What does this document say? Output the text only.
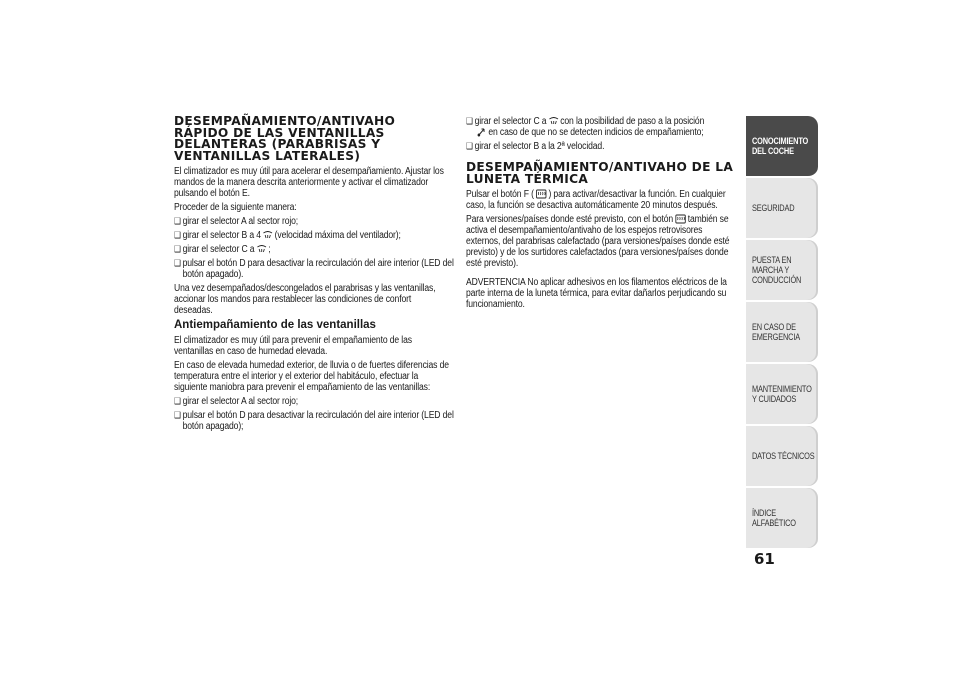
DESEMPAÑAMIENTO/ANTIVAHO RÁPIDO DE LAS VENTANILLAS DELANTERAS (PARABRISAS Y VENTANILLAS LATERALES)
El climatizador es muy útil para acelerar el desempañamiento. Ajustar los mandos de la manera descrita anteriormente y activar el climatizador pulsando el botón E.
Proceder de la siguiente manera:
❑ girar el selector A al sector rojo;
❑ girar el selector B a 4 (velocidad máxima del ventilador);
❑ girar el selector C a ;
❑ pulsar el botón D para desactivar la recirculación del aire interior (LED del botón apagado).
Una vez desempañados/descongelados el parabrisas y las ventanillas, accionar los mandos para restablecer las condiciones de confort deseadas.
Antiempañamiento de las ventanillas
El climatizador es muy útil para prevenir el empañamiento de las ventanillas en caso de humedad elevada.
En caso de elevada humedad exterior, de lluvia o de fuertes diferencias de temperatura entre el interior y el exterior del habitáculo, efectuar la siguiente maniobra para prevenir el empañamiento de las ventanillas:
❑ girar el selector A al sector rojo;
❑ pulsar el botón D para desactivar la recirculación del aire interior (LED del botón apagado);
❑ girar el selector C a con la posibilidad de paso a la posición
en caso de que no se detecten indicios de empañamiento;
❑ girar el selector B a la 2ª velocidad.
DESEMPAÑAMIENTO/ANTIVAHO DE LA LUNETA TÉRMICA
Pulsar el botón F ( ) para activar/desactivar la función. En cualquier caso, la función se desactiva automáticamente 20 minutos después.
Para versiones/países donde esté previsto, con el botón también se activa el desempañamiento/antivaho de los espejos retrovisores externos, del parabrisas calefactado (para versiones/países donde esté previsto) y de los surtidores calefactados (para versiones/países donde esté previsto).
ADVERTENCIA No aplicar adhesivos en los filamentos eléctricos de la parte interna de la luneta térmica, para evitar dañarlos perjudicando su funcionamiento.
CONOCIMIENTO DEL COCHE
SEGURIDAD
PUESTA EN MARCHA Y CONDUCCIÓN
EN CASO DE EMERGENCIA
MANTENIMIENTO Y CUIDADOS
DATOS TÉCNICOS
ÍNDICE ALFABÉTICO
61
